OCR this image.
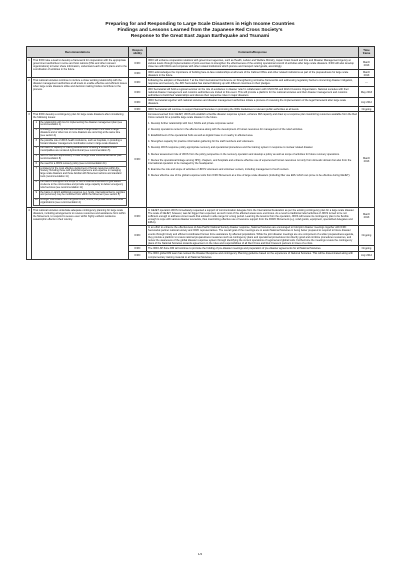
Preparing for and Responding to Large Scale Disasters in High Income Countries
Findings and Lessons Learned from the Japanese Red Cross Society's
Response to the Great East Japan Earthquake and Tsunami
Recommendations	Respon sibility	Comments/Response	Time frame
1	That IFRC take a lead to develop a framework for cooperation with the appropriate government authorities in some and host nations (NSs and other relevant organizations) to better share information, understand each other's plans and to the coordination of activities in the future.
	IFRC	IFRC will enhance cooperation relations with government agencies, such as Health, Labour and Welfare Ministry, Japan Coast Guard and Fire and Disaster Management Agency at various levels through implementation of joint exercises to strengthen the effectiveness of the existing operational council of activities after large scale disasters. IFRC will also develop close ties with NGOs and corporate with other related institutions which procure and transport relief goods, accordingly.	March 2013
IFRC	IFRC acknowledges the importance of building face-to-face relationships at all levels of the Cabinet Office and other related institutions as part of the preparedness for large scale disasters in the future.	March 2013
2	That national societies continue to nurture a close working relationship with the disaster management authorities at all levels to enable effective and efficient issues when large scale disasters strike and decision making bodies contribute to the process.
	IFRC	Following the adoption of Resolution 7 at the 31st International Conference on Strengthening normative frameworks and addressing regulatory barriers concerning disaster mitigation, response and recovery, the JRC Secretariat has started following up with different countries on their pledges.	---
IFRC	JRC Secretariat will hold a regional seminar on the role of auxiliaries in disaster relief in collaboration with UNOCHA and World Customs Organization. National societies with their national disaster management and customs authorities are invited to this event. This will provide a platform for the national societies and their disaster management and customs authorities to build their relationships and discuss their respective roles in major disasters.	May 2013
IFRC	IFRC Secretariat together with national societies and disaster management authorities initiate a process of reviewing the implementation of the legal framework after large scale disasters.	July 2012
IFRC	IFRC Secretariat will continue to support National Societies in promoting the IDRL Guidelines to relevant public authorities at all levels.	Ongoing
3	That IFRC develop a contingency plan for large scale disasters after considering the following issues:
1	the relationship with GoJ in implementing the disaster management plan (see recommendation 1)
2	a strategy to scale up and meet demand in large scale in the case of large disasters and or when two or more disasters are occurring at the same time (see section 4)
3	the possible role of JRCS health institutions, such as hospitals, in providing a forward disaster management coordination center in large scale disasters
4	the need for capacity in making assessments including a situation where municipalities are rendered dysfunctional (see recommendation 5)
5	JRCS's role and responsibility in case of large scale industrial accidents (see recommendation 8)
6	the need for a JRCS recovery policy (see recommendation 11)
7	a strategy for the most effective deployment of human resources within the Society, including those with practical experience and expertise in managing large scale disasters and those familiar with Movement actions and standard tools (recommendation 11)
8	the need to strengthen the scope of JRCS financial incentives to give added credence to the communities and provide surge capacity to deliver emergency relief services (see recommendation 11)
9	the basis on which additional resources (e.g. funds, international items, supplies and personnel) may be mobilized from within the Movement (see section 5)
10	stronger coordination with the government, NGOs, the private sector and other organizations (see recommendation 1)
	IFRC	As issues learned from GEJET, JRCS will establish a flexible disaster response system, enhance DM capacity and draw up a response plan maximizing resources available from the Red Cross network for a possible large scale disaster in the future.

1. Develop further relationship with GoJ, NGOs and private corporate sector.

2. Develop operations centers in the affected area along with the development of human resources for management of the relief activities.

3. Establishment of the operational hubs as well as logistic base in or nearby in affected area.

4. Strengthen capacity for practice information gathering for the staff members and volunteers.

5. Develop JRCS response policy appropriate recovery and operational procedures and the training system in response to nuclear related disaster.

6. Review assessment role of JRCS from the policy perspective in the recovery operation and develop a policy as well as scope of activities for future recovery operations.

7. Review the operational linkage among NHQ, chapters, and hospitals and enhance effective use of experienced human resources not only from domestic domain but also from the international operation to be managed by the headquarter.

8. Examine the role and scope of activities of JRCS volunteers and volunteer centers, including management of such centers.

9. Review effective use of the global response tools from IFRC Movement at a time of large scale disasters (including filter use ERU which can prove to be effective during GEJET).	March 2013
4	That national societies undertake adequate contingency planning for large scale disasters, including arrangements to receive resources and assistance from within the Movement, to respond to severe even within highly esthetic residence catastrophic effects in their country.
	IFRC	In GEJET operation JRCS immediately requested a support of communication delegate from the International Federation as per the existing contingency plan for a large scale disaster. The scale of GEJET, however, was far bigger than expected, as such most of the affected areas were enormous. As a result a traditional relief activities of JRCS turned to be not sufficient enough to address unmet needs that existed in wide range for a long period. Learning the lessons from the operation, JRCS will review its contingency plan to be flexible enough to cope with various disaster scenarios, thus maximizing effective use of resource support from the RCRC Movement (e.g. relief goods, equipment, specialized delegates and ERUs).	March 2013
IFRC	In an effort to enhance the effectiveness of Asia Pacific National Society disaster response, National Societies are encouraged to hold joint disaster meetings together with IFRC Secretariat partner national society and ICRC representatives. The overall goal of the meetings are to assist National Societies in being better prepared to respond to future disaster events through timely and efficient coordinated human force assistance by affected populations. While the joint disaster meetings are one component of a wider preparedness agenda, they provide a platform to review national preparedness measures such as contingency plans and operational procedures into directly good and combine procedures resources, and review the awareness of the global disaster response system through identifying the current operations of regional and global tools. Furthermore the meetings review the contingency plans of the National Societies towards agreement on the roles and responsibilities of all Red Cross and Red Crescent partners in times of a crisis.	Ongoing
IFRC	The IFRC AP Zone DM will continue to promote the holding of pre-disaster meetings and preparation of pre-disaster agreements for all National Societies.	Ongoing
IFRC	The IFRC global DM team has revised the Disaster Response and contingency Planning guideline based on the experience of National Societies. This will be disseminated along with complementary training material to all National Societies.	July 2012
1/4
